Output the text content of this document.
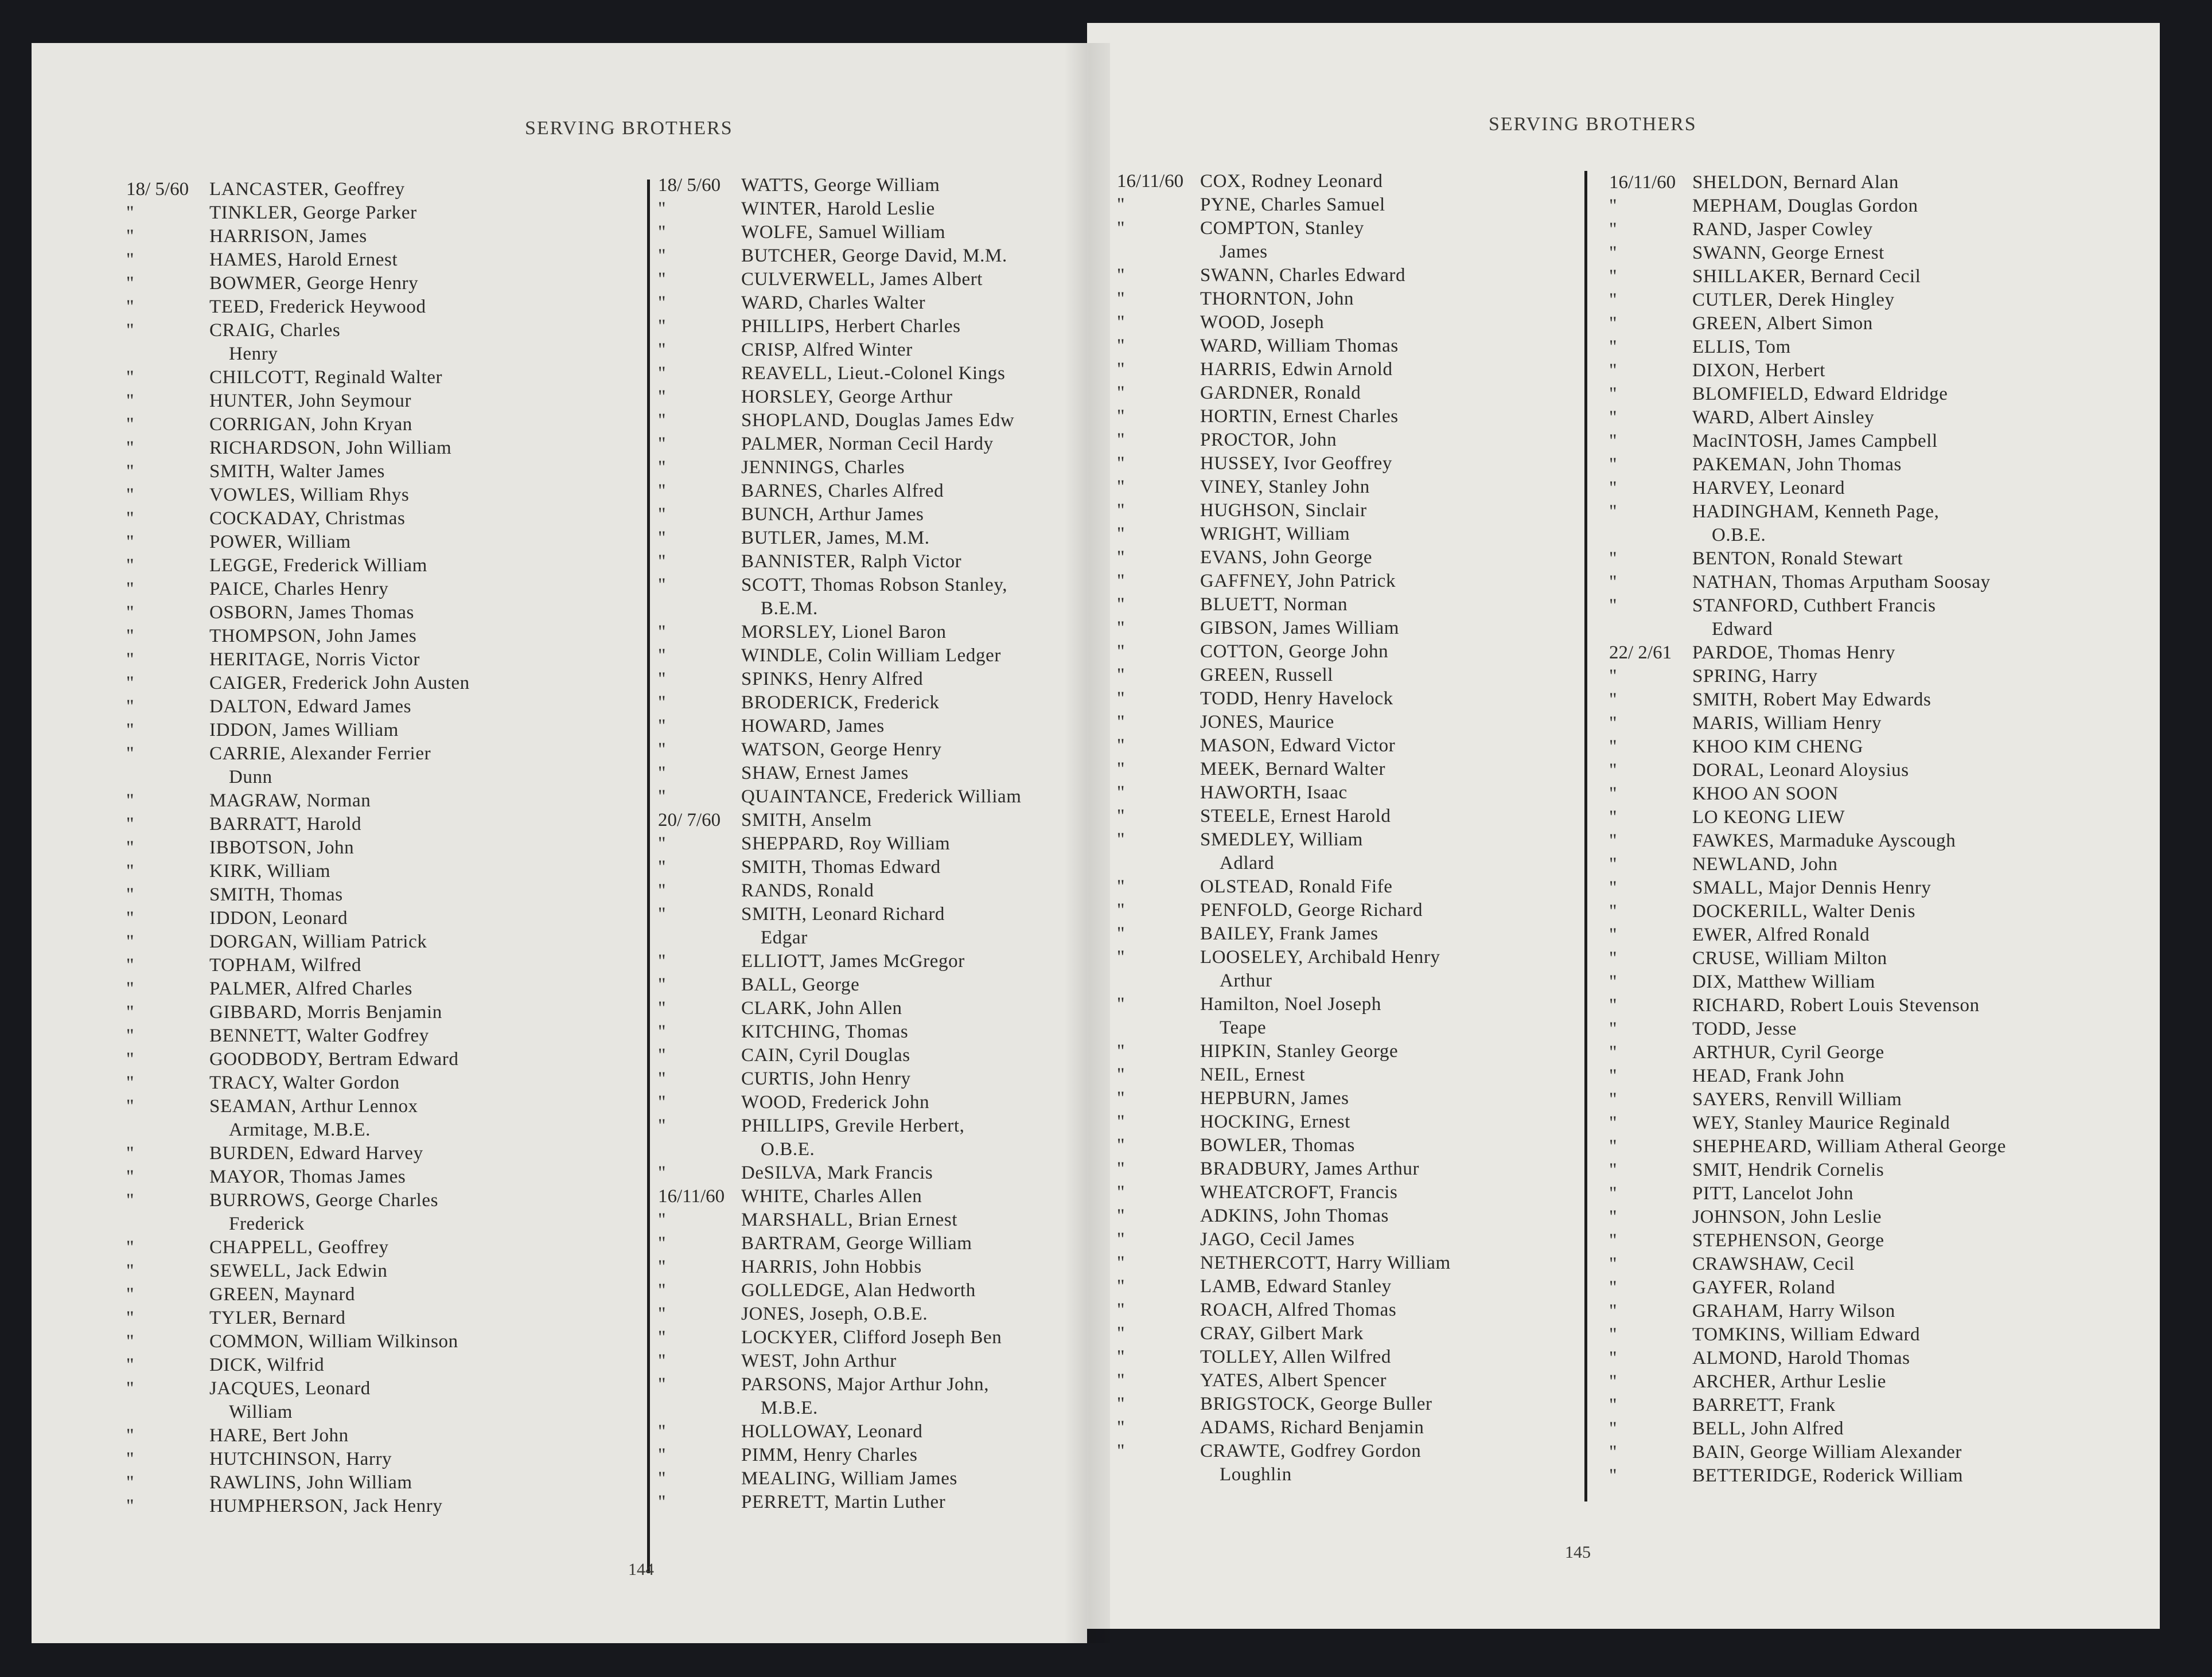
SERVING BROTHERS
18/ 5/60	LANCASTER, Geoffrey
"	TINKLER, George Parker
"	HARRISON, James
"	HAMES, Harold Ernest
"	BOWMER, George Henry
"	TEED, Frederick Heywood
"	CRAIG, Charles
Henry
"	CHILCOTT, Reginald Walter
"	HUNTER, John Seymour
"	CORRIGAN, John Kryan
"	RICHARDSON, John William
"	SMITH, Walter James
"	VOWLES, William Rhys
"	COCKADAY, Christmas
"	POWER, William
"	LEGGE, Frederick William
"	PAICE, Charles Henry
"	OSBORN, James Thomas
"	THOMPSON, John James
"	HERITAGE, Norris Victor
"	CAIGER, Frederick John Austen
"	DALTON, Edward James
"	IDDON, James William
"	CARRIE, Alexander Ferrier
Dunn
"	MAGRAW, Norman
"	BARRATT, Harold
"	IBBOTSON, John
"	KIRK, William
"	SMITH, Thomas
"	IDDON, Leonard
"	DORGAN, William Patrick
"	TOPHAM, Wilfred
"	PALMER, Alfred Charles
"	GIBBARD, Morris Benjamin
"	BENNETT, Walter Godfrey
"	GOODBODY, Bertram Edward
"	TRACY, Walter Gordon
"	SEAMAN, Arthur Lennox
Armitage, M.B.E.
"	BURDEN, Edward Harvey
"	MAYOR, Thomas James
"	BURROWS, George Charles
Frederick
"	CHAPPELL, Geoffrey
"	SEWELL, Jack Edwin
"	GREEN, Maynard
"	TYLER, Bernard
"	COMMON, William Wilkinson
"	DICK, Wilfrid
"	JACQUES, Leonard
William
"	HARE, Bert John
"	HUTCHINSON, Harry
"	RAWLINS, John William
"	HUMPHERSON, Jack Henry
18/ 5/60	WATTS, George William
"	WINTER, Harold Leslie
"	WOLFE, Samuel William
"	BUTCHER, George David, M.M.
"	CULVERWELL, James Albert
"	WARD, Charles Walter
"	PHILLIPS, Herbert Charles
"	CRISP, Alfred Winter
"	REAVELL, Lieut.-Colonel Kings
"	HORSLEY, George Arthur
"	SHOPLAND, Douglas James Edw
"	PALMER, Norman Cecil Hardy
"	JENNINGS, Charles
"	BARNES, Charles Alfred
"	BUNCH, Arthur James
"	BUTLER, James, M.M.
"	BANNISTER, Ralph Victor
"	SCOTT, Thomas Robson Stanley,
B.E.M.
"	MORSLEY, Lionel Baron
"	WINDLE, Colin William Ledger
"	SPINKS, Henry Alfred
"	BRODERICK, Frederick
"	HOWARD, James
"	WATSON, George Henry
"	SHAW, Ernest James
"	QUAINTANCE, Frederick William
20/ 7/60	SMITH, Anselm
"	SHEPPARD, Roy William
"	SMITH, Thomas Edward
"	RANDS, Ronald
"	SMITH, Leonard Richard
Edgar
"	ELLIOTT, James McGregor
"	BALL, George
"	CLARK, John Allen
"	KITCHING, Thomas
"	CAIN, Cyril Douglas
"	CURTIS, John Henry
"	WOOD, Frederick John
"	PHILLIPS, Grevile Herbert,
O.B.E.
"	DeSILVA, Mark Francis
16/11/60 WHITE, Charles Allen
"	MARSHALL, Brian Ernest
"	BARTRAM, George William
"	HARRIS, John Hobbis
"	GOLLEDGE, Alan Hedworth
"	JONES, Joseph, O.B.E.
"	LOCKYER, Clifford Joseph Ben
"	WEST, John Arthur
"	PARSONS, Major Arthur John,
M.B.E.
"	HOLLOWAY, Leonard
"	PIMM, Henry Charles
"	MEALING, William James
"	PERRETT, Martin Luther
144
SERVING BROTHERS
16/11/60 COX, Rodney Leonard
"	PYNE, Charles Samuel
"	COMPTON, Stanley
James
"	SWANN, Charles Edward
"	THORNTON, John
"	WOOD, Joseph
"	WARD, William Thomas
"	HARRIS, Edwin Arnold
"	GARDNER, Ronald
"	HORTIN, Ernest Charles
"	PROCTOR, John
"	HUSSEY, Ivor Geoffrey
"	VINEY, Stanley John
"	HUGHSON, Sinclair
"	WRIGHT, William
"	EVANS, John George
"	GAFFNEY, John Patrick
"	BLUETT, Norman
"	GIBSON, James William
"	COTTON, George John
"	GREEN, Russell
"	TODD, Henry Havelock
"	JONES, Maurice
"	MASON, Edward Victor
"	MEEK, Bernard Walter
"	HAWORTH, Isaac
"	STEELE, Ernest Harold
"	SMEDLEY, William
Adlard
"	OLSTEAD, Ronald Fife
"	PENFOLD, George Richard
"	BAILEY, Frank James
"	LOOSELEY, Archibald Henry
Arthur
"	Hamilton, Noel Joseph
Teape
"	HIPKIN, Stanley George
"	NEIL, Ernest
"	HEPBURN, James
"	HOCKING, Ernest
"	BOWLER, Thomas
"	BRADBURY, James Arthur
"	WHEATCROFT, Francis
"	ADKINS, John Thomas
"	JAGO, Cecil James
"	NETHERCOTT, Harry William
"	LAMB, Edward Stanley
"	ROACH, Alfred Thomas
"	CRAY, Gilbert Mark
"	TOLLEY, Allen Wilfred
"	YATES, Albert Spencer
"	BRIGSTOCK, George Buller
"	ADAMS, Richard Benjamin
"	CRAWTE, Godfrey Gordon
Loughlin
16/11/60 SHELDON, Bernard Alan
"	MEPHAM, Douglas Gordon
"	RAND, Jasper Cowley
"	SWANN, George Ernest
"	SHILLAKER, Bernard Cecil
"	CUTLER, Derek Hingley
"	GREEN, Albert Simon
"	ELLIS, Tom
"	DIXON, Herbert
"	BLOMFIELD, Edward Eldridge
"	WARD, Albert Ainsley
"	MacINTOSH, James Campbell
"	PAKEMAN, John Thomas
"	HARVEY, Leonard
"	HADINGHAM, Kenneth Page,
O.B.E.
"	BENTON, Ronald Stewart
"	NATHAN, Thomas Arputham Soosay
"	STANFORD, Cuthbert Francis
Edward
22/ 2/61	PARDOE, Thomas Henry
"	SPRING, Harry
"	SMITH, Robert May Edwards
"	MARIS, William Henry
"	KHOO KIM CHENG
"	DORAL, Leonard Aloysius
"	KHOO AN SOON
"	LO KEONG LIEW
"	FAWKES, Marmaduke Ayscough
"	NEWLAND, John
"	SMALL, Major Dennis Henry
"	DOCKERILL, Walter Denis
"	EWER, Alfred Ronald
"	CRUSE, William Milton
"	DIX, Matthew William
"	RICHARD, Robert Louis Stevenson
"	TODD, Jesse
"	ARTHUR, Cyril George
"	HEAD, Frank John
"	SAYERS, Renvill William
"	WEY, Stanley Maurice Reginald
"	SHEPHEARD, William Atheral George
"	SMIT, Hendrik Cornelis
"	PITT, Lancelot John
"	JOHNSON, John Leslie
"	STEPHENSON, George
"	CRAWSHAW, Cecil
"	GAYFER, Roland
"	GRAHAM, Harry Wilson
"	TOMKINS, William Edward
"	ALMOND, Harold Thomas
"	ARCHER, Arthur Leslie
"	BARRETT, Frank
"	BELL, John Alfred
"	BAIN, George William Alexander
"	BETTERIDGE, Roderick William
145
